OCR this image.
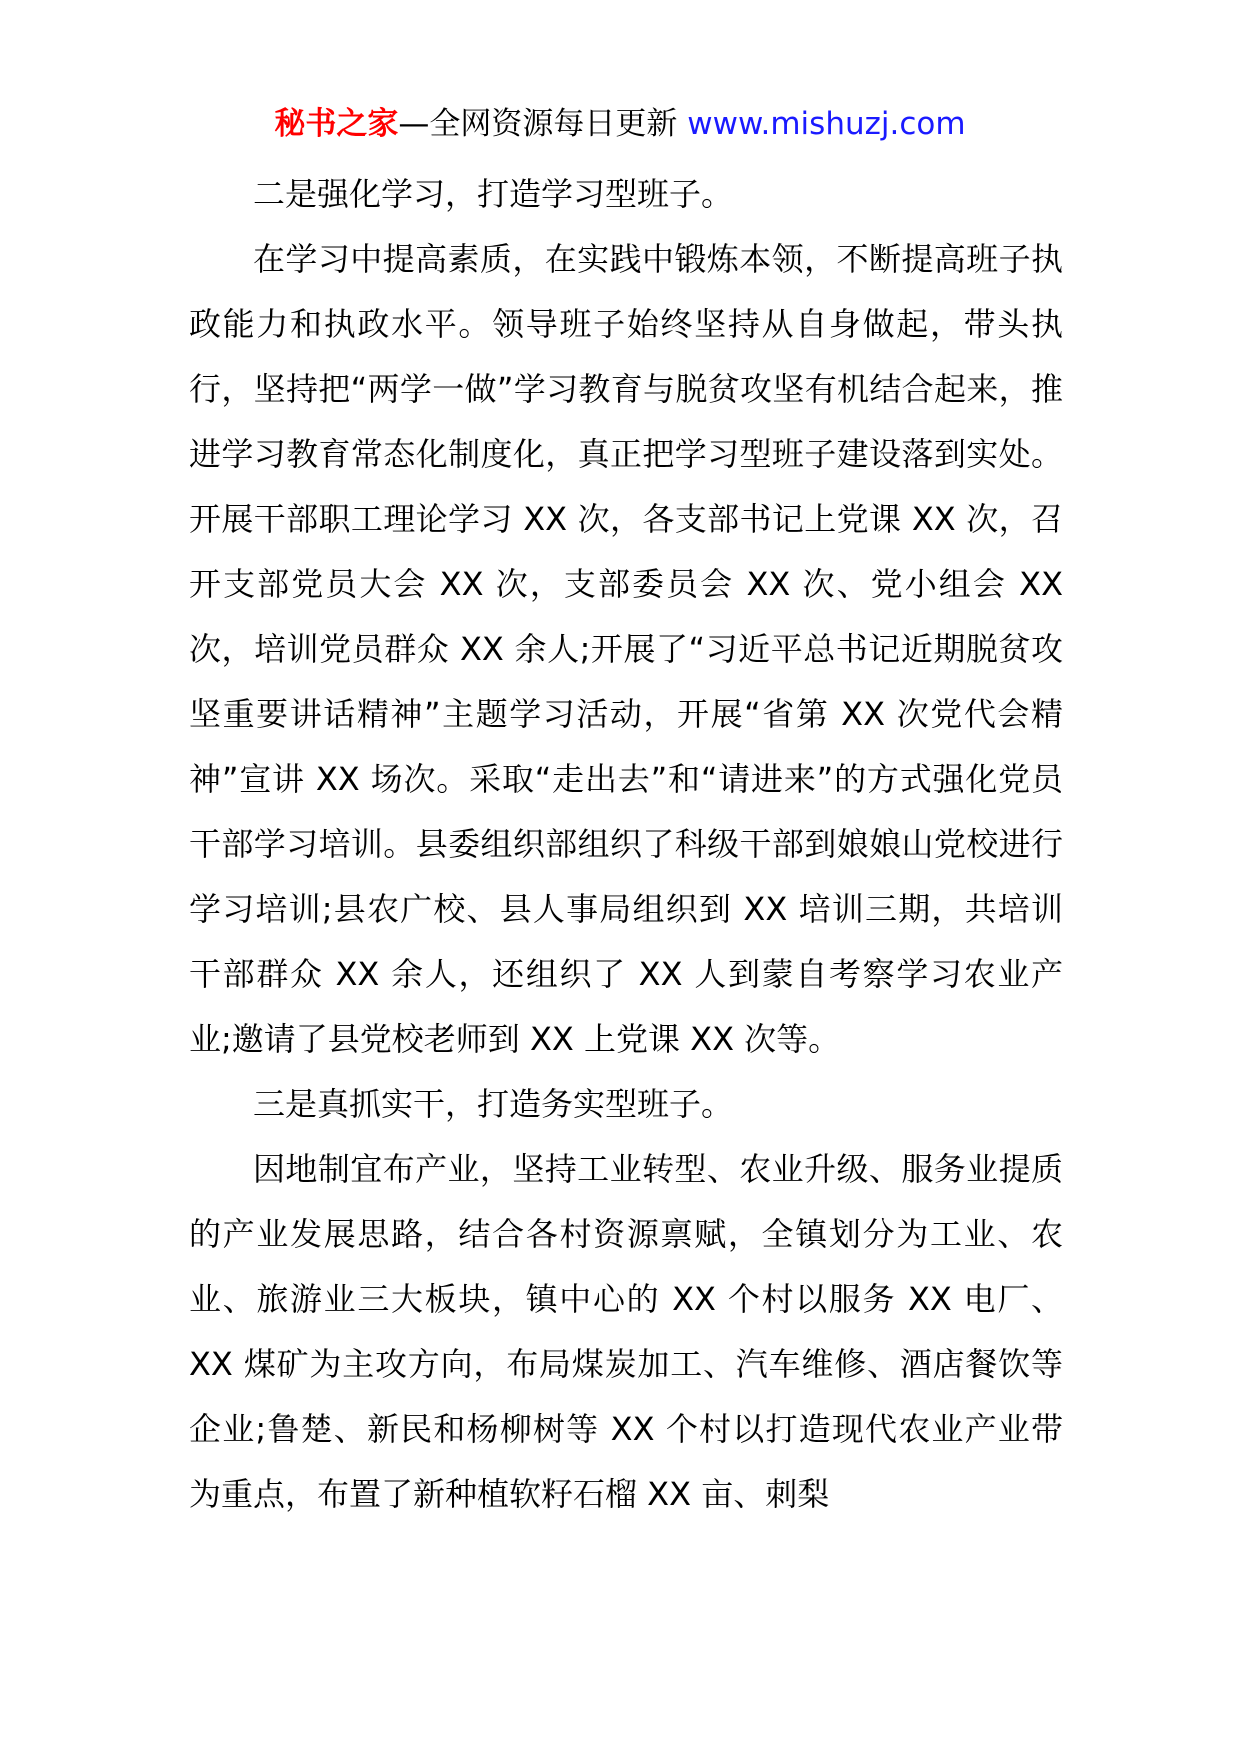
秘书之家—全网资源每日更新 www.mishuzj.com

二是强化学习，打造学习型班子。

在学习中提高素质，在实践中锻炼本领，不断提高班子执政能力和执政水平。领导班子始终坚持从自身做起，带头执行，坚持把“两学一做”学习教育与脱贫攻坚有机结合起来，推进学习教育常态化制度化，真正把学习型班子建设落到实处。开展干部职工理论学习 XX 次，各支部书记上党课 XX 次，召开支部党员大会 XX 次，支部委员会 XX 次、党小组会 XX 次，培训党员群众 XX 余人;开展了“习近平总书记近期脱贫攻坚重要讲话精神”主题学习活动，开展“省第 XX 次党代会精神”宣讲 XX 场次。采取“走出去”和“请进来”的方式强化党员干部学习培训。县委组织部组织了科级干部到娘娘山党校进行学习培训;县农广校、县人事局组织到 XX 培训三期，共培训干部群众 XX 余人，还组织了 XX 人到蒙自考察学习农业产业;邀请了县党校老师到 XX 上党课 XX 次等。

三是真抓实干，打造务实型班子。

因地制宜布产业，坚持工业转型、农业升级、服务业提质的产业发展思路，结合各村资源禀赋，全镇划分为工业、农业、旅游业三大板块，镇中心的 XX 个村以服务 XX 电厂、XX 煤矿为主攻方向，布局煤炭加工、汽车维修、酒店餐饮等企业;鲁楚、新民和杨柳树等 XX 个村以打造现代农业产业带为重点，布置了新种植软籽石榴 XX 亩、刺梨
